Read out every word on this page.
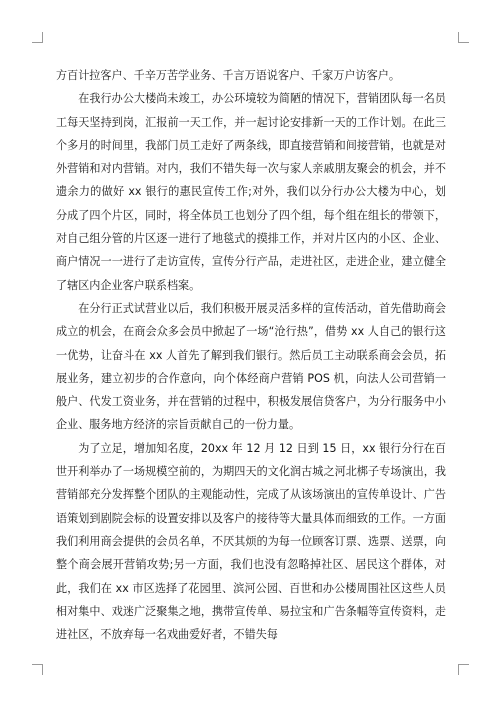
方百计拉客户、千辛万苦学业务、千言万语说客户、千家万户访客户。

在我行办公大楼尚未竣工，办公环境较为简陋的情况下，营销团队每一名员工每天坚持到岗，汇报前一天工作，并一起讨论安排新一天的工作计划。在此三个多月的时间里，我部门员工走好了两条线，即直接营销和间接营销，也就是对外营销和对内营销。对内，我们不错失每一次与家人亲戚朋友聚会的机会，并不遗余力的做好 xx 银行的惠民宣传工作;对外，我们以分行办公大楼为中心，划分成了四个片区，同时，将全体员工也划分了四个组，每个组在组长的带领下，对自己组分管的片区逐一进行了地毯式的摸排工作，并对片区内的小区、企业、商户情况一一进行了走访宣传，宣传分行产品，走进社区，走进企业，建立健全了辖区内企业客户联系档案。

在分行正式试营业以后，我们积极开展灵活多样的宣传活动，首先借助商会成立的机会，在商会众多会员中掀起了一场“沧行热”，借势 xx 人自己的银行这一优势，让奋斗在 xx 人首先了解到我们银行。然后员工主动联系商会会员，拓展业务，建立初步的合作意向，向个体经商户营销 POS 机，向法人公司营销一般户、代发工资业务，并在营销的过程中，积极发展信贷客户，为分行服务中小企业、服务地方经济的宗旨贡献自己的一份力量。

为了立足，增加知名度，20xx 年 12 月 12 日到 15 日，xx 银行分行在百世开利举办了一场规模空前的，为期四天的文化润古城之河北梆子专场演出，我营销部充分发挥整个团队的主观能动性，完成了从该场演出的宣传单设计、广告语策划到剧院会标的设置安排以及客户的接待等大量具体而细致的工作。一方面我们利用商会提供的会员名单，不厌其烦的为每一位顾客订票、选票、送票，向整个商会展开营销攻势;另一方面，我们也没有忽略掉社区、居民这个群体，对此，我们在 xx 市区选择了花园里、滨河公园、百世和办公楼周围社区这些人员相对集中、戏迷广泛聚集之地，携带宣传单、易拉宝和广告条幅等宣传资料，走进社区，不放弃每一名戏曲爱好者，不错失每
